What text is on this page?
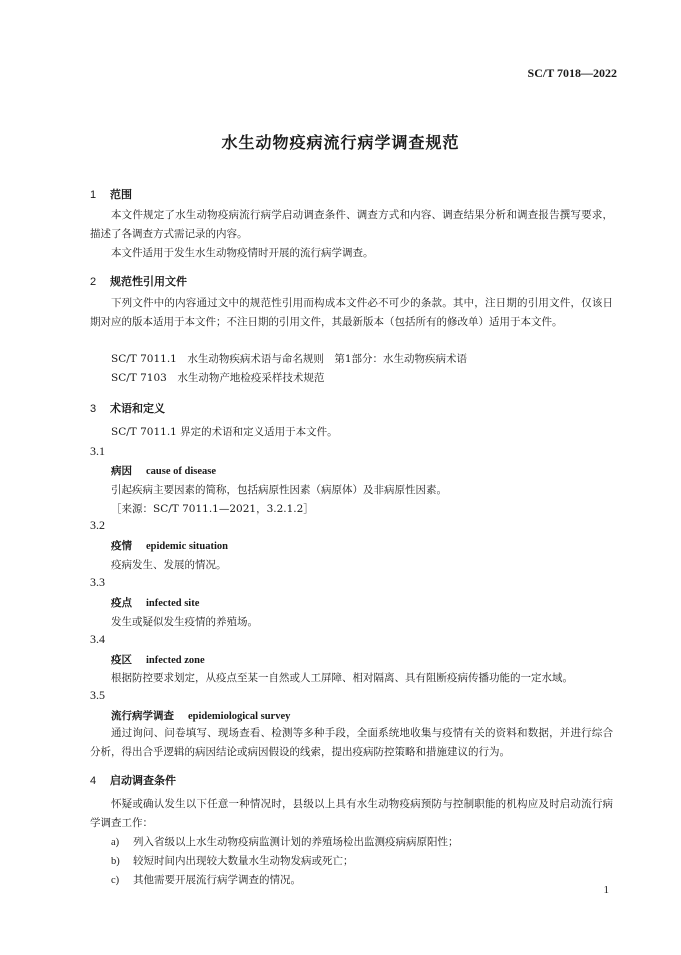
SC/T 7018—2022
水生动物疫病流行病学调查规范
1 范围
本文件规定了水生动物疫病流行病学启动调查条件、调查方式和内容、调查结果分析和调查报告撰写要求，描述了各调查方式需记录的内容。
本文件适用于发生水生动物疫情时开展的流行病学调查。
2 规范性引用文件
下列文件中的内容通过文中的规范性引用而构成本文件必不可少的条款。其中，注日期的引用文件，仅该日期对应的版本适用于本文件；不注日期的引用文件，其最新版本（包括所有的修改单）适用于本文件。
SC/T 7011.1　水生动物疾病术语与命名规则　第1部分：水生动物疾病术语
SC/T 7103　水生动物产地检疫采样技术规范
3 术语和定义
SC/T 7011.1 界定的术语和定义适用于本文件。
3.1
病因 cause of disease
引起疾病主要因素的简称，包括病原性因素（病原体）及非病原性因素。
［来源：SC/T 7011.1—2021，3.2.1.2］
3.2
疫情 epidemic situation
疫病发生、发展的情况。
3.3
疫点 infected site
发生或疑似发生疫情的养殖场。
3.4
疫区 infected zone
根据防控要求划定，从疫点至某一自然或人工屏障、相对隔离、具有阻断疫病传播功能的一定水域。
3.5
流行病学调查 epidemiological survey
通过询问、问卷填写、现场查看、检测等多种手段，全面系统地收集与疫情有关的资料和数据，并进行综合分析，得出合乎逻辑的病因结论或病因假设的线索，提出疫病防控策略和措施建议的行为。
4 启动调查条件
怀疑或确认发生以下任意一种情况时，县级以上具有水生动物疫病预防与控制职能的机构应及时启动流行病学调查工作：
a) 列入省级以上水生动物疫病监测计划的养殖场检出监测疫病病原阳性；
b) 较短时间内出现较大数量水生动物发病或死亡；
c) 其他需要开展流行病学调查的情况。
1
